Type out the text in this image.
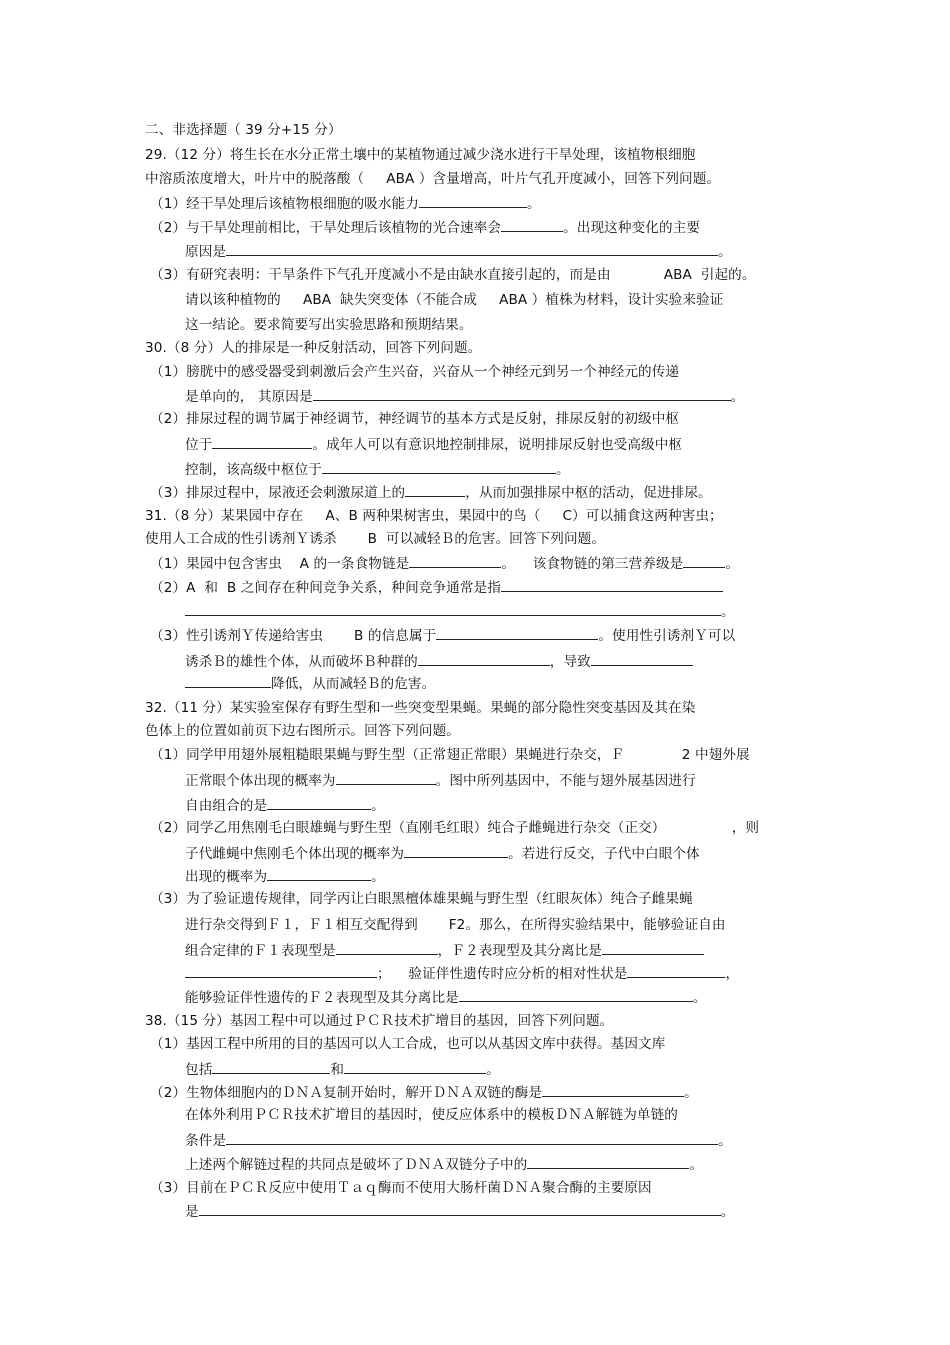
二、非选择题（ 39 分+15 分）
29.（12 分）将生长在水分正常土壤中的某植物通过减少浇水进行干旱处理，该植物根细胞
中溶质浓度增大，叶片中的脱落酸（     ABA ）含量增高，叶片气孔开度减小，回答下列问题。
（1）经干旱处理后该植物根细胞的吸水能力	。
（2）与干旱处理前相比，干旱处理后该植物的光合速率会	。出现这种变化的主要
原因是	。
（3）有研究表明：干旱条件下气孔开度减小不是由缺水直接引起的，而是由            ABA  引起的。
请以该种植物的     ABA  缺失突变体（不能合成     ABA ）植株为材料，设计实验来验证
这一结论。要求简要写出实验思路和预期结果。
30.（8 分）人的排尿是一种反射活动，回答下列问题。
（1）膀胱中的感受器受到刺激后会产生兴奋，兴奋从一个神经元到另一个神经元的传递
是单向的， 其原因是	。
（2）排尿过程的调节属于神经调节，神经调节的基本方式是反射，排尿反射的初级中枢
位于	。成年人可以有意识地控制排尿，说明排尿反射也受高级中枢
控制，该高级中枢位于	。
（3）排尿过程中，尿液还会刺激尿道上的	，从而加强排尿中枢的活动，促进排尿。
31.（8 分）某果园中存在     A、B 两种果树害虫，果园中的鸟（     C）可以捕食这两种害虫；
使用人工合成的性引诱剂Ｙ诱杀       B  可以减轻Ｂ的危害。回答下列问题。
（1）果园中包含害虫    A 的一条食物链是	。    该食物链的第三营养级是	。
（2）A  和  B 之间存在种间竞争关系，种间竞争通常是指
。
（3）性引诱剂Ｙ传递给害虫       B 的信息属于	。使用性引诱剂Ｙ可以
诱杀Ｂ的雄性个体，从而破坏Ｂ种群的	，导致
降低，从而减轻Ｂ的危害。
32.（11 分）某实验室保存有野生型和一些突变型果蝇。果蝇的部分隐性突变基因及其在染
色体上的位置如前页下边右图所示。回答下列问题。
（1）同学甲用翅外展粗糙眼果蝇与野生型（正常翅正常眼）果蝇进行杂交，Ｆ             2 中翅外展
正常眼个体出现的概率为	。图中所列基因中，不能与翅外展基因进行
自由组合的是	。
（2）同学乙用焦刚毛白眼雄蝇与野生型（直刚毛红眼）纯合子雌蝇进行杂交（正交）               ，则
子代雌蝇中焦刚毛个体出现的概率为	。若进行反交，子代中白眼个体
出现的概率为	。
（3）为了验证遗传规律，同学丙让白眼黑檀体雄果蝇与野生型（红眼灰体）纯合子雌果蝇
进行杂交得到Ｆ１，Ｆ１相互交配得到       F2。那么，在所得实验结果中，能够验证自由
组合定律的Ｆ１表现型是	，Ｆ２表现型及其分离比是
；    验证伴性遗传时应分析的相对性状是	，
能够验证伴性遗传的Ｆ２表现型及其分离比是	。
38.（15 分）基因工程中可以通过ＰＣＲ技术扩增目的基因，回答下列问题。
（1）基因工程中所用的目的基因可以人工合成，也可以从基因文库中获得。基因文库
包括	和	。
（2）生物体细胞内的ＤＮＡ复制开始时，解开ＤＮＡ双链的酶是	。
在体外利用ＰＣＲ技术扩增目的基因时，使反应体系中的模板ＤＮＡ解链为单链的
条件是	。
上述两个解链过程的共同点是破坏了ＤＮＡ双链分子中的	。
（3）目前在ＰＣＲ反应中使用Ｔａｑ酶而不使用大肠杆菌ＤＮＡ聚合酶的主要原因
是	。
